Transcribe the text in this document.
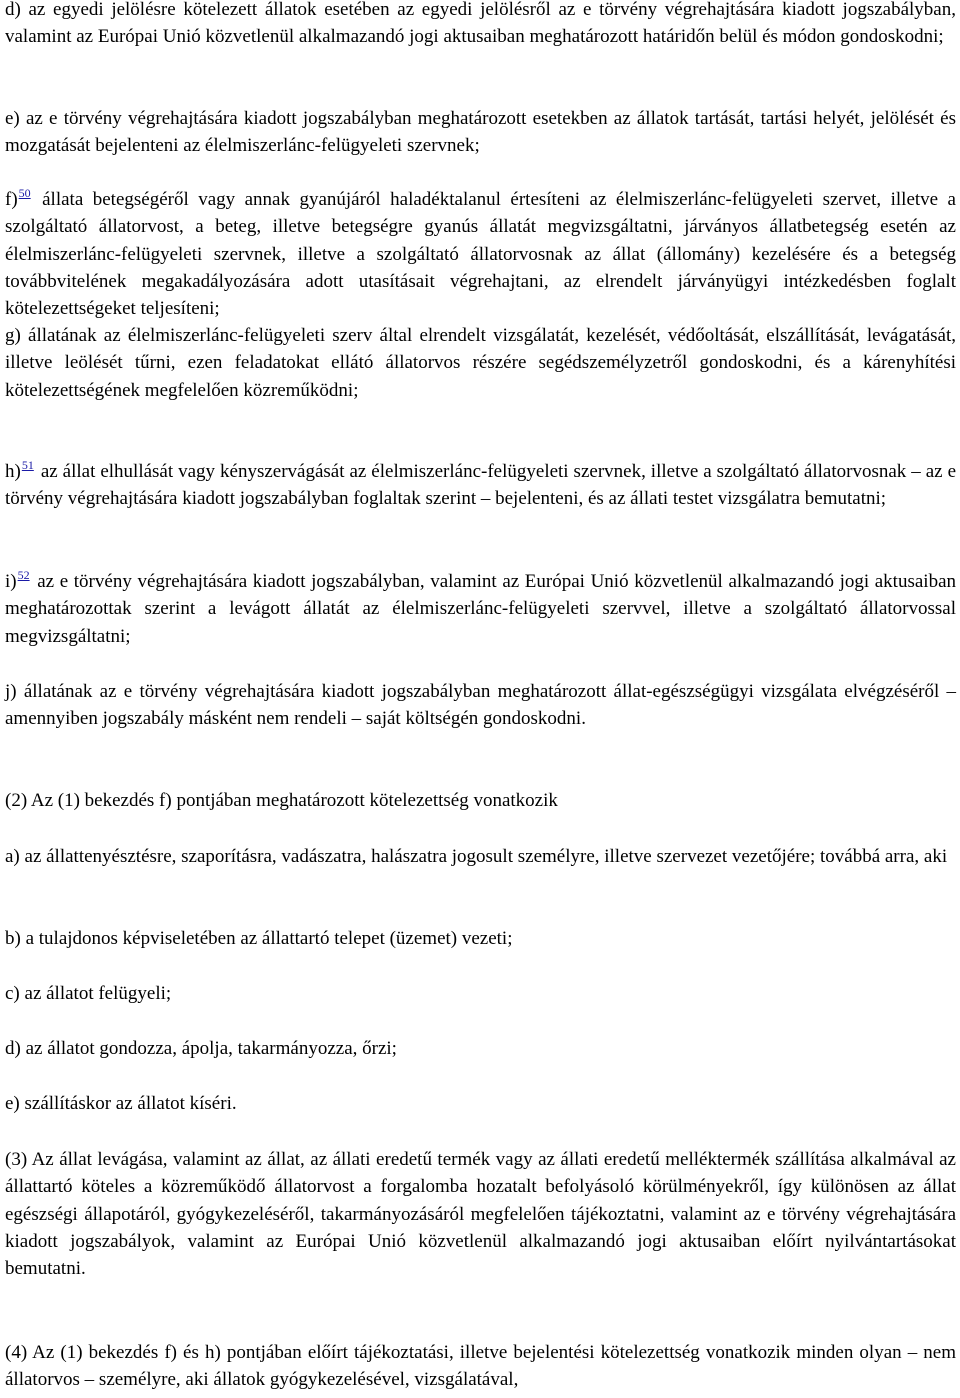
d) az egyedi jelölésre kötelezett állatok esetében az egyedi jelölésről az e törvény végrehajtására kiadott jogszabályban, valamint az Európai Unió közvetlenül alkalmazandó jogi aktusaiban meghatározott határidőn belül és módon gondoskodni;

e) az e törvény végrehajtására kiadott jogszabályban meghatározott esetekben az állatok tartását, tartási helyét, jelölését és mozgatását bejelenteni az élelmiszerlánc-felügyeleti szervnek;

f)$^{50}$ állata betegségéről vagy annak gyanújáról haladéktalanul értesíteni az élelmiszerlánc-felügyeleti szervet, illetve a szolgáltató állatorvost, a beteg, illetve betegségre gyanús állatát megvizsgáltatni, járványos állatbetegség esetén az élelmiszerlánc-felügyeleti szervnek, illetve a szolgáltató állatorvosnak az állat (állomány) kezelésére és a betegség továbbvitelének megakadályozására adott utasításait végrehajtani, az elrendelt járványügyi intézkedésben foglalt kötelezettségeket teljesíteni;

g) állatának az élelmiszerlánc-felügyeleti szerv által elrendelt vizsgálatát, kezelését, védőoltását, elszállítását, levágatását, illetve leölését tűrni, ezen feladatokat ellátó állatorvos részére segédszemélyzetről gondoskodni, és a kárenyhítési kötelezettségének megfelelően közreműködni;

h)$^{51}$ az állat elhullását vagy kényszervágását az élelmiszerlánc-felügyeleti szervnek, illetve a szolgáltató állatorvosnak – az e törvény végrehajtására kiadott jogszabályban foglaltak szerint – bejelenteni, és az állati testet vizsgálatra bemutatni;

i)$^{52}$ az e törvény végrehajtására kiadott jogszabályban, valamint az Európai Unió közvetlenül alkalmazandó jogi aktusaiban meghatározottak szerint a levágott állatát az élelmiszerlánc-felügyeleti szervvel, illetve a szolgáltató állatorvossal megvizsgáltatni;

j) állatának az e törvény végrehajtására kiadott jogszabályban meghatározott állat-egészségügyi vizsgálata elvégzéséről – amennyiben jogszabály másként nem rendeli – saját költségén gondoskodni.

(2) Az (1) bekezdés f) pontjában meghatározott kötelezettség vonatkozik

a) az állattenyésztésre, szaporításra, vadászatra, halászatra jogosult személyre, illetve szervezet vezetőjére; továbbá arra, aki

b) a tulajdonos képviseletében az állattartó telepet (üzemet) vezeti;

c) az állatot felügyeli;

d) az állatot gondozza, ápolja, takarmányozza, őrzi;

e) szállításkor az állatot kíséri.

(3) Az állat levágása, valamint az állat, az állati eredetű termék vagy az állati eredetű melléktermék szállítása alkalmával az állattartó köteles a közreműködő állatorvost a forgalomba hozatalt befolyásoló körülményekről, így különösen az állat egészségi állapotáról, gyógykezeléséről, takarmányozásáról megfelelően tájékoztatni, valamint az e törvény végrehajtására kiadott jogszabályok, valamint az Európai Unió közvetlenül alkalmazandó jogi aktusaiban előírt nyilvántartásokat bemutatni.

(4) Az (1) bekezdés f) és h) pontjában előírt tájékoztatási, illetve bejelentési kötelezettség vonatkozik minden olyan – nem állatorvos – személyre, aki állatok gyógykezelésével, vizsgálatával,
